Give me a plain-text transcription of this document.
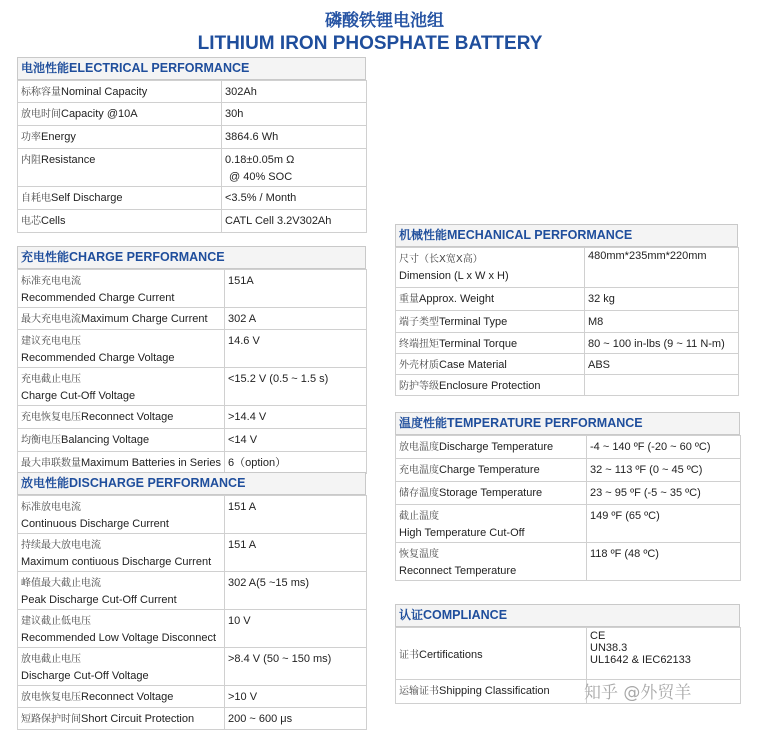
磷酸铁锂电池组
LITHIUM IRON PHOSPHATE BATTERY
电池性能ELECTRICAL PERFORMANCE
标称容量Nominal Capacity	302Ah
放电时间Capacity @10A	30h
功率Energy	3864.6 Wh
内阻Resistance	0.18±0.05m Ω
@ 40% SOC

自耗电Self Discharge	<3.5% / Month
电芯Cells	CATL Cell 3.2V302Ah
充电性能CHARGE PERFORMANCE
标准充电电流
Recommended Charge Current	151A
最大充电电流Maximum Charge Current	302 A

建议充电电压
Recommended Charge Voltage	14.6 V

充电截止电压
Charge Cut-Off Voltage	<15.2 V (0.5 ~ 1.5 s)
充电恢复电压Reconnect Voltage	>14.4 V
均衡电压Balancing Voltage	<14 V
最大串联数量Maximum Batteries in Series	6（option）
放电性能DISCHARGE PERFORMANCE
标准放电电流
Continuous Discharge Current	151 A

持续最大放电电流
Maximum contiuous Discharge Current	151 A

峰值最大截止电流
Peak Discharge Cut-Off Current	302 A(5 ~15 ms)

建议截止低电压
Recommended Low Voltage Disconnect	10 V

放电截止电压
Discharge Cut-Off Voltage	>8.4 V (50 ~ 150 ms)
放电恢复电压Reconnect Voltage	>10 V
短路保护时间Short Circuit Protection	200 ~ 600 μs
机械性能MECHANICAL PERFORMANCE
尺寸（长X宽X高）
Dimension (L x W x H)	480mm*235mm*220mm
重量Approx. Weight	32 kg
端子类型Terminal Type	M8
终端扭矩Terminal Torque	80 ~ 100 in-lbs (9 ~ 11 N-m)
外壳材质Case Material	ABS
防护等级Enclosure Protection	
温度性能TEMPERATURE PERFORMANCE
放电温度Discharge Temperature	-4 ~ 140 ºF (-20 ~ 60 ºC)
充电温度Charge Temperature	32 ~ 113 ºF (0 ~ 45 ºC)
储存温度Storage Temperature	23 ~ 95 ºF (-5 ~ 35 ºC)

截止温度
High Temperature Cut-Off	149 ºF (65 ºC)

恢复温度
Reconnect Temperature	118 ºF (48 ºC)
认证COMPLIANCE
证书Certifications	CE
UN38.3
UL1642 & IEC62133

运输证书Shipping Classification	知乎 @外贸羊
